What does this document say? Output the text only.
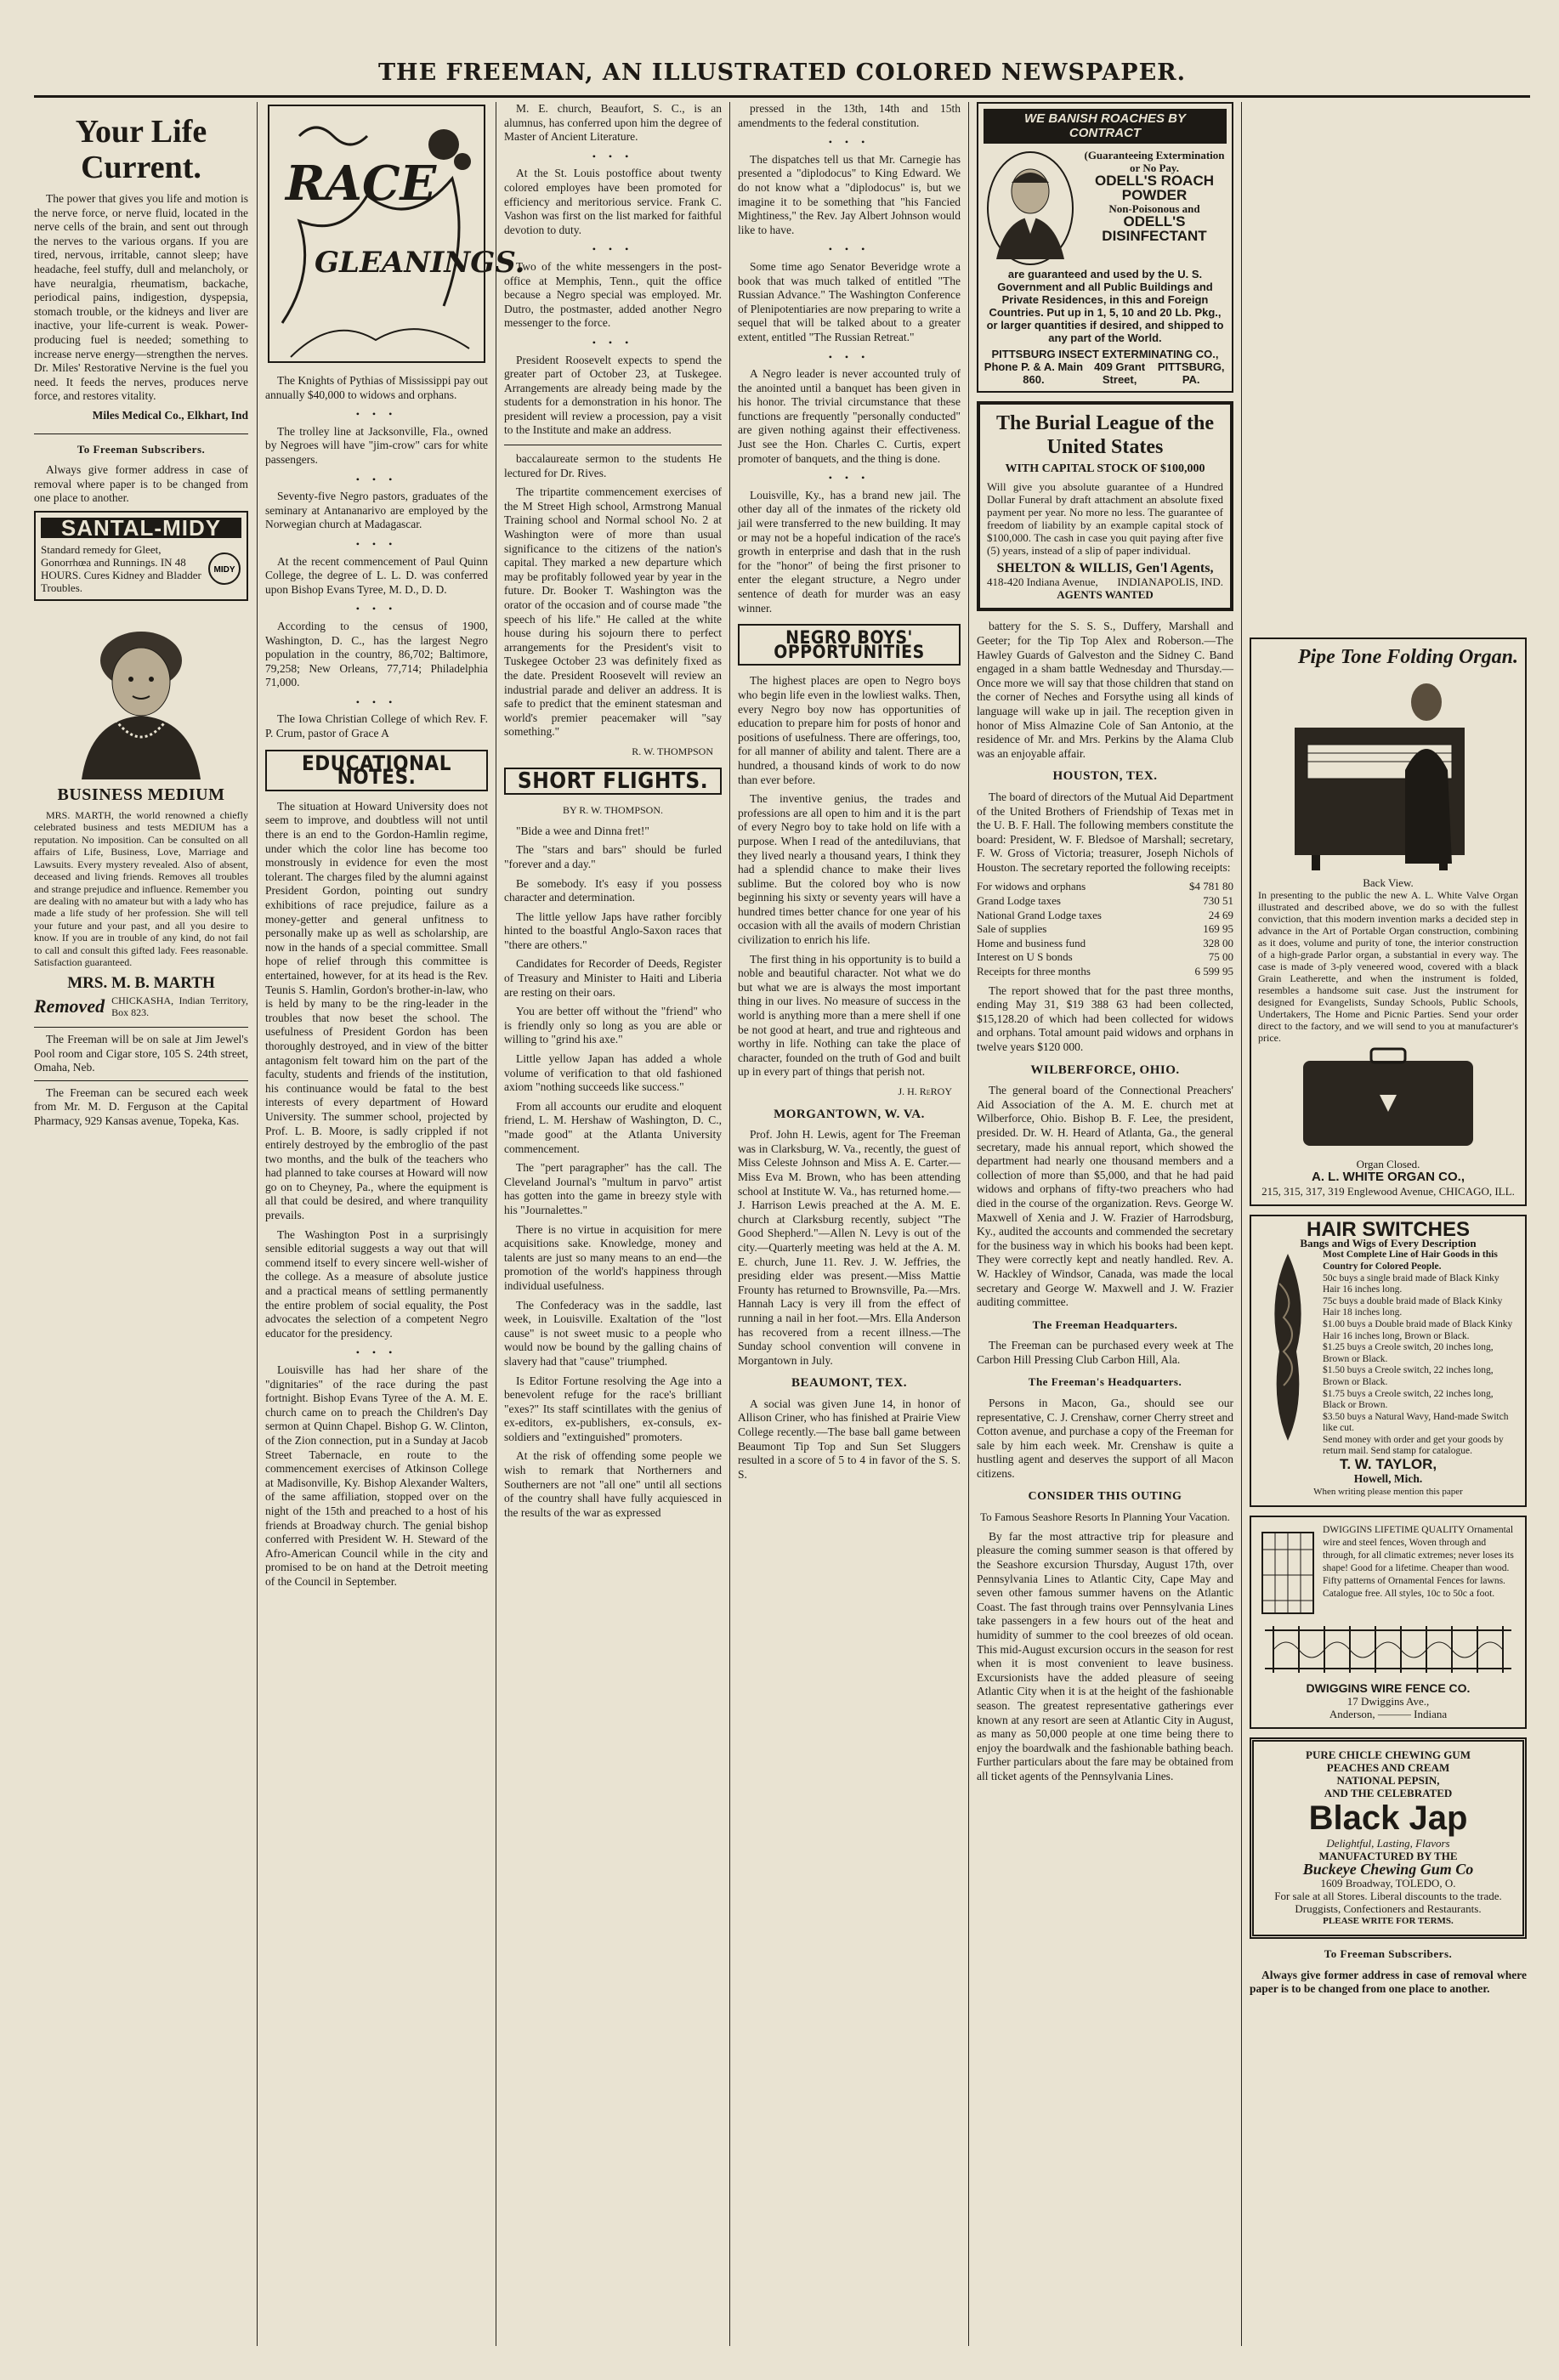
THE FREEMAN, AN ILLUSTRATED COLORED NEWSPAPER.
Your Life Current.

The power that gives you life and motion is the nerve force, or nerve fluid, located in the nerve cells of the brain, and sent out through the nerves to the various organs. If you are tired, nervous, irritable, cannot sleep; have headache, feel stuffy, dull and melancholy, or have neuralgia, rheumatism, backache, periodical pains, indigestion, dyspepsia, stomach trouble, or the kidneys and liver are inactive, your life-current is weak. Power-producing fuel is needed; something to increase nerve energy—strengthen the nerves. Dr. Miles' Restorative Nervine is the fuel you need. It feeds the nerves, produces nerve force, and restores vitality.

Miles Medical Co., Elkhart, Ind
To Freeman Subscribers.

Always give former address in case of removal where paper is to be changed from one place to another.

SANTAL-MIDY
Standard remedy for Gleet, Gonorrhœa and Runnings. IN 48 HOURS. Cures Kidney and Bladder Troubles.
MIDY
BUSINESS MEDIUM

MRS. MARTH, the world renowned a chiefly celebrated business and tests MEDIUM has a reputation. No imposition. Can be consulted on all affairs of Life, Business, Love, Marriage and Lawsuits. Every mystery revealed. Also of absent, deceased and living friends. Removes all troubles and strange prejudice and influence. Remember you are dealing with no amateur but with a lady who has made a life study of her profession. She will tell your future and your past, and all you desire to know. If you are in trouble of any kind, do not fail to call and consult this gifted lady. Fees reasonable. Satisfaction guaranteed.

MRS. M. B. MARTH
Removed CHICKASHA, Indian Territory, Box 823.

The Freeman will be on sale at Jim Jewel's Pool room and Cigar store, 105 S. 24th street, Omaha, Neb.

The Freeman can be secured each week from Mr. M. D. Ferguson at the Capital Pharmacy, 929 Kansas avenue, Topeka, Kas.

RACE
GLEANINGS.

The Knights of Pythias of Mississippi pay out annually $40,000 to widows and orphans.

• • •

The trolley line at Jacksonville, Fla., owned by Negroes will have "jim-crow" cars for white passengers.

• • •

Seventy-five Negro pastors, graduates of the seminary at Antananarivo are employed by the Norwegian church at Madagascar.

• • •

At the recent commencement of Paul Quinn College, the degree of L. L. D. was conferred upon Bishop Evans Tyree, M. D., D. D.

• • •

According to the census of 1900, Washington, D. C., has the largest Negro population in the country, 86,702; Baltimore, 79,258; New Orleans, 77,714; Philadelphia 71,000.

• • •

The Iowa Christian College of which Rev. F. P. Crum, pastor of Grace A

EDUCATIONAL NOTES.

The situation at Howard University does not seem to improve, and doubtless will not until there is an end to the Gordon-Hamlin regime, under which the color line has become too monstrously in evidence for even the most tolerant. The charges filed by the alumni against President Gordon, pointing out sundry exhibitions of race prejudice, failure as a money-getter and general unfitness to personally make up as well as scholarship, are now in the hands of a special committee. Small hope of relief through this committee is entertained, however, for at its head is the Rev. Teunis S. Hamlin, Gordon's brother-in-law, who is held by many to be the ring-leader in the troubles that now beset the school. The usefulness of President Gordon has been thoroughly destroyed, and in view of the bitter antagonism felt toward him on the part of the faculty, students and friends of the institution, his continuance would be fatal to the best interests of every department of Howard University. The summer school, projected by Prof. L. B. Moore, is sadly crippled if not entirely destroyed by the embroglio of the past two months, and the bulk of the teachers who had planned to take courses at Howard will now go on to Cheyney, Pa., where the equipment is all that could be desired, and where tranquility prevails.

The Washington Post in a surprisingly sensible editorial suggests a way out that will commend itself to every sincere well-wisher of the college. As a measure of absolute justice and a practical means of settling permanently the entire problem of social equality, the Post advocates the selection of a competent Negro educator for the presidency.

• • •

Louisville has had her share of the "dignitaries" of the race during the past fortnight. Bishop Evans Tyree of the A. M. E. church came on to preach the Children's Day sermon at Quinn Chapel. Bishop G. W. Clinton, of the Zion connection, put in a Sunday at Jacob Street Tabernacle, en route to the commencement exercises of Atkinson College at Madisonville, Ky. Bishop Alexander Walters, of the same affiliation, stopped over on the night of the 15th and preached to a host of his friends at Broadway church. The genial bishop conferred with President W. H. Steward of the Afro-American Council while in the city and promised to be on hand at the Detroit meeting of the Council in September.

M. E. church, Beaufort, S. C., is an alumnus, has conferred upon him the degree of Master of Ancient Literature.

• • •

At the St. Louis postoffice about twenty colored employes have been promoted for efficiency and meritorious service. Frank C. Vashon was first on the list marked for faithful devotion to duty.

• • •

Two of the white messengers in the post-office at Memphis, Tenn., quit the office because a Negro special was employed. Mr. Dutro, the postmaster, added another Negro messenger to the force.

• • •

President Roosevelt expects to spend the greater part of October 23, at Tuskegee. Arrangements are already being made by the students for a demonstration in his honor. The president will review a procession, pay a visit to the Institute and make an address.

baccalaureate sermon to the students He lectured for Dr. Rives.

The tripartite commencement exercises of the M Street High school, Armstrong Manual Training school and Normal school No. 2 at Washington were of more than usual significance to the citizens of the nation's capital. They marked a new departure which may be profitably followed year by year in the future. Dr. Booker T. Washington was the orator of the occasion and of course made "the speech of his life." He called at the white house during his sojourn there to perfect arrangements for the President's visit to Tuskegee October 23 was definitely fixed as the date. President Roosevelt will review an industrial parade and deliver an address. It is safe to predict that the eminent statesman and world's premier peacemaker will "say something."

R. W. THOMPSON
SHORT FLIGHTS.
BY R. W. THOMPSON.

"Bide a wee and Dinna fret!"

The "stars and bars" should be furled "forever and a day."

Be somebody. It's easy if you possess character and determination.

The little yellow Japs have rather forcibly hinted to the boastful Anglo-Saxon races that "there are others."

Candidates for Recorder of Deeds, Register of Treasury and Minister to Haiti and Liberia are resting on their oars.

You are better off without the "friend" who is friendly only so long as you are able or willing to "grind his axe."

Little yellow Japan has added a whole volume of verification to that old fashioned axiom "nothing succeeds like success."

From all accounts our erudite and eloquent friend, L. M. Hershaw of Washington, D. C., "made good" at the Atlanta University commencement.

The "pert paragrapher" has the call. The Cleveland Journal's "multum in parvo" artist has gotten into the game in breezy style with his "Journalettes."

There is no virtue in acquisition for mere acquisitions sake. Knowledge, money and talents are just so many means to an end—the promotion of the world's happiness through individual usefulness.

The Confederacy was in the saddle, last week, in Louisville. Exaltation of the "lost cause" is not sweet music to a people who would now be bound by the galling chains of slavery had that "cause" triumphed.

Is Editor Fortune resolving the Age into a benevolent refuge for the race's brilliant "exes?" Its staff scintillates with the genius of ex-editors, ex-publishers, ex-consuls, ex-soldiers and "extinguished" promoters.

At the risk of offending some people we wish to remark that Northerners and Southerners are not "all one" until all sections of the country shall have fully acquiesced in the results of the war as expressed

pressed in the 13th, 14th and 15th amendments to the federal constitution.

• • •

The dispatches tell us that Mr. Carnegie has presented a "diplodocus" to King Edward. We do not know what a "diplodocus" is, but we imagine it to be something that "his Fancied Mightiness," the Rev. Jay Albert Johnson would like to have.

• • •

Some time ago Senator Beveridge wrote a book that was much talked of entitled "The Russian Advance." The Washington Conference of Plenipotentiaries are now preparing to write a sequel that will be talked about to a greater extent, entitled "The Russian Retreat."

• • •

A Negro leader is never accounted truly of the anointed until a banquet has been given in his honor. The trivial circumstance that these functions are frequently "personally conducted" are given nothing against their effectiveness. Just see the Hon. Charles C. Curtis, expert promoter of banquets, and the thing is done.

• • •

Louisville, Ky., has a brand new jail. The other day all of the inmates of the rickety old jail were transferred to the new building. It may or may not be a hopeful indication of the race's growth in enterprise and dash that in the rush for the "honor" of being the first prisoner to enter the elegant structure, a Negro under sentence of death for murder was an easy winner.

NEGRO BOYS' OPPORTUNITIES

The highest places are open to Negro boys who begin life even in the lowliest walks. Then, every Negro boy now has opportunities of education to prepare him for posts of honor and positions of usefulness. There are offerings, too, for all manner of ability and talent. There are a hundred, a thousand kinds of work to do now than ever before.

The inventive genius, the trades and professions are all open to him and it is the part of every Negro boy to take hold on life with a purpose. When I read of the antediluvians, that they lived nearly a thousand years, I think they had a splendid chance to make their lives sublime. But the colored boy who is now beginning his sixty or seventy years will have a hundred times better chance for one year of his occasion with all the avails of modern Christian civilization to enrich his life.

The first thing in his opportunity is to build a noble and beautiful character. Not what we do but what we are is always the most important thing in our lives. No measure of success in the world is anything more than a mere shell if one be not good at heart, and true and righteous and worthy in life. Nothing can take the place of character, founded on the truth of God and built up in every part of things that perish not.

J. H. ReROY
MORGANTOWN, W. VA.

Prof. John H. Lewis, agent for The Freeman was in Clarksburg, W. Va., recently, the guest of Miss Celeste Johnson and Miss A. E. Carter.—Miss Eva M. Brown, who has been attending school at Institute W. Va., has returned home.—J. Harrison Lewis preached at the A. M. E. church at Clarksburg recently, subject "The Good Shepherd."—Allen N. Levy is out of the city.—Quarterly meeting was held at the A. M. E. church, June 11. Rev. J. W. Jeffries, the presiding elder was present.—Miss Mattie Frounty has returned to Brownsville, Pa.—Mrs. Hannah Lacy is very ill from the effect of running a nail in her foot.—Mrs. Ella Anderson has recovered from a recent illness.—The Sunday school convention will convene in Morgantown in July.

BEAUMONT, TEX.

A social was given June 14, in honor of Allison Criner, who has finished at Prairie View College recently.—The base ball game between Beaumont Tip Top and Sun Set Sluggers resulted in a score of 5 to 4 in favor of the S. S. S.

WE BANISH ROACHES BY CONTRACT
(Guaranteeing Extermination or No Pay.
ODELL'S ROACH POWDER
Non-Poisonous and
ODELL'S DISINFECTANT
are guaranteed and used by the U. S. Government and all Public Buildings and Private Residences, in this and Foreign Countries. Put up in 1, 5, 10 and 20 Lb. Pkg., or larger quantities if desired, and shipped to any part of the World.
PITTSBURG INSECT EXTERMINATING CO.,
Phone P. & A. Main 860.
409 Grant Street,
PITTSBURG, PA.
The Burial League of the United States
WITH CAPITAL STOCK OF $100,000
Will give you absolute guarantee of a Hundred Dollar Funeral by draft attachment an absolute fixed payment per year. No more no less. The guarantee of freedom of liability by an example capital stock of $100,000. The cash in case you quit paying after five (5) years, instead of a slip of paper individual.
SHELTON & WILLIS, Gen'l Agents,
418-420 Indiana Avenue, INDIANAPOLIS, IND.
AGENTS WANTED

battery for the S. S. S., Duffery, Marshall and Geeter; for the Tip Top Alex and Roberson.—The Hawley Guards of Galveston and the Sidney C. Band engaged in a sham battle Wednesday and Thursday.—Once more we will say that those children that stand on the corner of Neches and Forsythe using all kinds of language will wake up in jail. The reception given in honor of Miss Almazine Cole of San Antonio, at the residence of Mr. and Mrs. Perkins by the Alama Club was an enjoyable affair.

HOUSTON, TEX.

The board of directors of the Mutual Aid Department of the United Brothers of Friendship of Texas met in the U. B. F. Hall. The following members constitute the board: President, W. F. Bledsoe of Marshall; secretary, F. W. Gross of Victoria; treasurer, Joseph Nichols of Houston. The secretary reported the following receipts:

For widows and orphans	$4 781 80
Grand Lodge taxes	730 51
National Grand Lodge taxes	24 69
Sale of supplies	169 95
Home and business fund	328 00
Interest on U S bonds	75 00
Receipts for three months	6 599 95

The report showed that for the past three months, ending May 31, $19 388 63 had been collected, $15,128.20 of which had been collected for widows and orphans. Total amount paid widows and orphans in twelve years $120 000.

WILBERFORCE, OHIO.

The general board of the Connectional Preachers' Aid Association of the A. M. E. church met at Wilberforce, Ohio. Bishop B. F. Lee, the president, presided. Dr. W. H. Heard of Atlanta, Ga., the general secretary, made his annual report, which showed the department had nearly one thousand members and a collection of more than $5,000, and that he had paid widows and orphans of fifty-two preachers who had died in the course of the organization. Revs. George W. Maxwell of Xenia and J. W. Frazier of Harrodsburg, Ky., audited the accounts and commended the secretary for the business way in which his books had been kept. They were correctly kept and neatly handled. Rev. A. W. Hackley of Windsor, Canada, was made the local secretary and George W. Maxwell and J. W. Frazier auditing committee.

The Freeman Headquarters.

The Freeman can be purchased every week at The Carbon Hill Pressing Club Carbon Hill, Ala.

The Freeman's Headquarters.

Persons in Macon, Ga., should see our representative, C. J. Crenshaw, corner Cherry street and Cotton avenue, and purchase a copy of the Freeman for sale by him each week. Mr. Crenshaw is quite a hustling agent and deserves the support of all Macon citizens.

CONSIDER THIS OUTING
To Famous Seashore Resorts In Planning Your Vacation.

By far the most attractive trip for pleasure and pleasure the coming summer season is that offered by the Seashore excursion Thursday, August 17th, over Pennsylvania Lines to Atlantic City, Cape May and seven other famous summer havens on the Atlantic Coast. The fast through trains over Pennsylvania Lines take passengers in a few hours out of the heat and humidity of summer to the cool breezes of old ocean. This mid-August excursion occurs in the season for rest when it is most convenient to leave business. Excursionists have the added pleasure of seeing Atlantic City when it is at the height of the fashionable season. The greatest representative gatherings ever known at any resort are seen at Atlantic City in August, as many as 50,000 people at one time being there to enjoy the boardwalk and the fashionable bathing beach. Further particulars about the fare may be obtained from all ticket agents of the Pennsylvania Lines.

Pipe Tone Folding Organ.
Back View.
In presenting to the public the new A. L. White Valve Organ illustrated and described above, we do so with the fullest conviction, that this modern invention marks a decided step in advance in the Art of Portable Organ construction, combining as it does, volume and purity of tone, the interior construction of a high-grade Parlor organ, a substantial in every way. The case is made of 3-ply veneered wood, covered with a black Grain Leatherette, and when the instrument is folded, resembles a handsome suit case. Just the instrument for designed for Evangelists, Sunday Schools, Public Schools, Undertakers, The Home and Picnic Parties. Send your order direct to the factory, and we will send to you at manufacturer's price.
Organ Closed.
A. L. WHITE ORGAN CO.,
215, 315, 317, 319 Englewood Avenue, CHICAGO, ILL.
HAIR SWITCHES
Bangs and Wigs of Every Description
Most Complete Line of Hair Goods in this Country for Colored People.
50c buys a single braid made of Black Kinky Hair 16 inches long.
75c buys a double braid made of Black Kinky Hair 18 inches long.
$1.00 buys a Double braid made of Black Kinky Hair 16 inches long, Brown or Black.
$1.25 buys a Creole switch, 20 inches long, Brown or Black.
$1.50 buys a Creole switch, 22 inches long, Brown or Black.
$1.75 buys a Creole switch, 22 inches long, Black or Brown.
$3.50 buys a Natural Wavy, Hand-made Switch like cut.
Send money with order and get your goods by return mail. Send stamp for catalogue.
T. W. TAYLOR,
Howell, Mich.
When writing please mention this paper
DWIGGINS LIFETIME QUALITY Ornamental wire and steel fences, Woven through and through, for all climatic extremes; never loses its shape! Good for a lifetime. Cheaper than wood. Fifty patterns of Ornamental Fences for lawns. Catalogue free. All styles, 10c to 50c a foot.
DWIGGINS WIRE FENCE CO.
17 Dwiggins Ave.,
Anderson, ——— Indiana
PURE CHICLE CHEWING GUM
PEACHES AND CREAM
NATIONAL PEPSIN,
AND THE CELEBRATED
Black Jap
Delightful, Lasting, Flavors
MANUFACTURED BY THE
Buckeye Chewing Gum Co
1609 Broadway, TOLEDO, O.
For sale at all Stores. Liberal discounts to the trade. Druggists, Confectioners and Restaurants.
PLEASE WRITE FOR TERMS.
To Freeman Subscribers.

Always give former address in case of removal where paper is to be changed from one place to another.
